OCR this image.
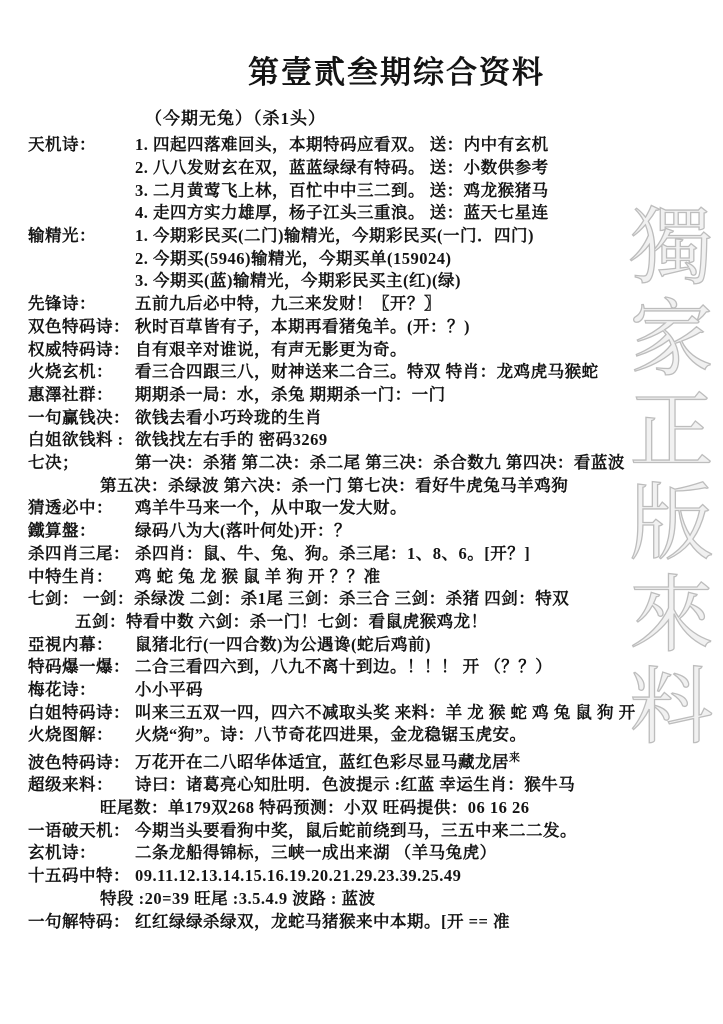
第壹贰叁期综合资料
（今期无兔）（杀1头）
天机诗： 1. 四起四落难回头，本期特码应看双。 送：内中有玄机
2. 八八发财玄在双，蓝蓝绿绿有特码。 送：小数供参考
3. 二月黄莺飞上林，百忙中中三二到。 送：鸡龙猴猪马
4. 走四方实力雄厚，杨子江头三重浪。 送：蓝天七星连
输精光： 1. 今期彩民买(二门)输精光，今期彩民买(一门．四门)
2. 今期买(5946)输精光，今期买单(159024)
3. 今期买(蓝)输精光，今期彩民买主(红)(绿)
先锋诗： 五前九后必中特，九三来发财！〖开？〗
双色特码诗： 秋时百草皆有子，本期再看猪兔羊。(开：？)
权威特码诗： 自有艰辛对谁说，有声无影更为奇。
火烧玄机： 看三合四跟三八，财神送来二合三。特双 特肖：龙鸡虎马猴蛇
惠澤社群： 期期杀一局：水，杀兔 期期杀一门：一门
一句赢钱决： 欲钱去看小巧玲珑的生肖
白姐欲钱料 : 欲钱找左右手的 密码3269
七决；	第一决：杀猪 第二决：杀二尾 第三决：杀合数九 第四决：看蓝波
第五决：杀绿波 第六决：杀一门 第七决：看好牛虎兔马羊鸡狗
猜透必中： 鸡羊牛马来一个，从中取一发大财。
鐵算盤： 绿码八为大(落叶何处)开：？
杀四肖三尾： 杀四肖：鼠、牛、兔、狗。杀三尾：1、8、6。[开？]
中特生肖： 鸡 蛇 兔 龙 猴 鼠 羊 狗 开 ？？准
七剑： 一剑：杀绿泼 二剑：杀1尾 三剑：杀三合 三剑：杀猪 四剑：特双
五剑：特看中数 六剑：杀一门！七剑：看鼠虎猴鸡龙！
亞視内幕： 鼠猪北行(一四合数)为公遇谗(蛇后鸡前)
特码爆一爆： 二合三看四六到，八九不离十到边。！！！ 开 （？？）
梅花诗： 小小平码
白姐特码诗： 叫来三五双一四，四六不减取头奖 来料：羊 龙 猴 蛇 鸡 兔 鼠 狗 开
火烧图解： 火烧“狗”。诗：八节奇花四进果，金龙稳锯玉虎安。
波色特码诗： 万花开在二八昭华体适宜，蓝红色彩尽显马藏龙居$^来$
超级来料： 诗曰：诸葛亮心知肚明．色波提示 :红蓝 幸运生肖：猴牛马
旺尾数：单179双268 特码预测：小双 旺码提供：06 16 26
一语破天机： 今期当头要看狗中奖，鼠后蛇前绕到马，三五中来二二发。
玄机诗： 二条龙船得锦标，三峡一成出来湖 （羊马兔虎）
十五码中特： 09.11.12.13.14.15.16.19.20.21.29.23.39.25.49
特段 :20=39 旺尾 :3.5.4.9 波路 : 蓝波
一句解特码： 红红绿绿杀绿双，龙蛇马猪猴来中本期。[开 == 准
獨家正版來料
